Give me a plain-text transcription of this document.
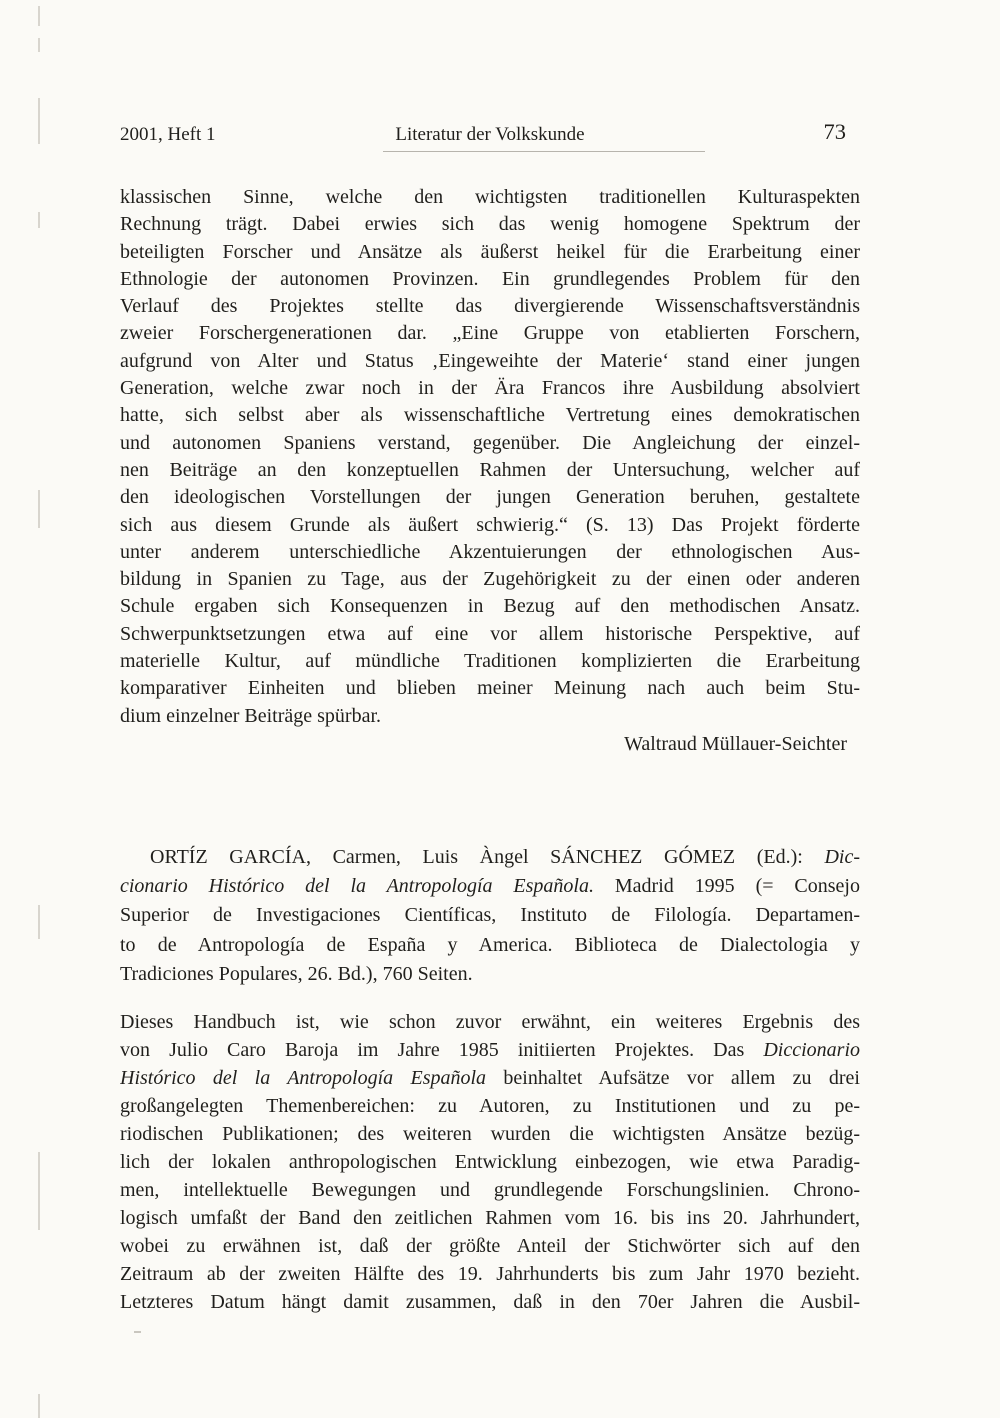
2001, Heft 1	Literatur der Volkskunde	73
klassischen Sinne, welche den wichtigsten traditionellen Kulturaspekten
Rechnung trägt. Dabei erwies sich das wenig homogene Spektrum der
beteiligten Forscher und Ansätze als äußerst heikel für die Erarbeitung einer
Ethnologie der autonomen Provinzen. Ein grundlegendes Problem für den
Verlauf des Projektes stellte das divergierende Wissenschaftsverständnis
zweier Forschergenerationen dar. „Eine Gruppe von etablierten Forschern,
aufgrund von Alter und Status ‚Eingeweihte der Materie‘ stand einer jungen
Generation, welche zwar noch in der Ära Francos ihre Ausbildung absolviert
hatte, sich selbst aber als wissenschaftliche Vertretung eines demokratischen
und autonomen Spaniens verstand, gegenüber. Die Angleichung der einzel-
nen Beiträge an den konzeptuellen Rahmen der Untersuchung, welcher auf
den ideologischen Vorstellungen der jungen Generation beruhen, gestaltete
sich aus diesem Grunde als äußert schwierig.“ (S. 13) Das Projekt förderte
unter anderem unterschiedliche Akzentuierungen der ethnologischen Aus-
bildung in Spanien zu Tage, aus der Zugehörigkeit zu der einen oder anderen
Schule ergaben sich Konsequenzen in Bezug auf den methodischen Ansatz.
Schwerpunktsetzungen etwa auf eine vor allem historische Perspektive, auf
materielle Kultur, auf mündliche Traditionen komplizierten die Erarbeitung
komparativer Einheiten und blieben meiner Meinung nach auch beim Stu-
dium einzelner Beiträge spürbar.
Waltraud Müllauer-Seichter
ORTÍZ GARCÍA, Carmen, Luis Àngel SÁNCHEZ GÓMEZ (Ed.): Dic-
cionario Histórico del la Antropología Española. Madrid 1995 (= Consejo
Superior de Investigaciones Científicas, Instituto de Filología. Departamen-
to de Antropología de España y America. Biblioteca de Dialectologia y
Tradiciones Populares, 26. Bd.), 760 Seiten.
Dieses Handbuch ist, wie schon zuvor erwähnt, ein weiteres Ergebnis des
von Julio Caro Baroja im Jahre 1985 initiierten Projektes. Das Diccionario
Histórico del la Antropología Española beinhaltet Aufsätze vor allem zu drei
großangelegten Themenbereichen: zu Autoren, zu Institutionen und zu pe-
riodischen Publikationen; des weiteren wurden die wichtigsten Ansätze bezüg-
lich der lokalen anthropologischen Entwicklung einbezogen, wie etwa Paradig-
men, intellektuelle Bewegungen und grundlegende Forschungslinien. Chrono-
logisch umfaßt der Band den zeitlichen Rahmen vom 16. bis ins 20. Jahrhundert,
wobei zu erwähnen ist, daß der größte Anteil der Stichwörter sich auf den
Zeitraum ab der zweiten Hälfte des 19. Jahrhunderts bis zum Jahr 1970 bezieht.
Letzteres Datum hängt damit zusammen, daß in den 70er Jahren die Ausbil-
